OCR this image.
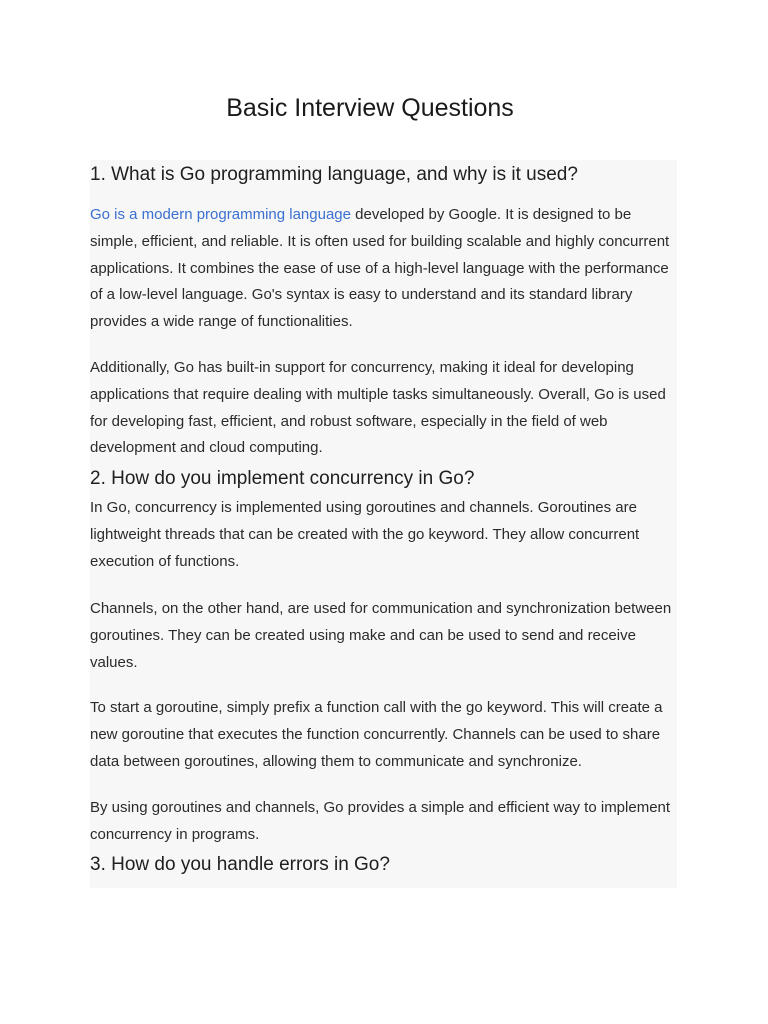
Basic Interview Questions
1. What is Go programming language, and why is it used?

Go is a modern programming language developed by Google. It is designed to be simple, efficient, and reliable. It is often used for building scalable and highly concurrent applications. It combines the ease of use of a high-level language with the performance of a low-level language. Go's syntax is easy to understand and its standard library provides a wide range of functionalities.

Additionally, Go has built-in support for concurrency, making it ideal for developing applications that require dealing with multiple tasks simultaneously. Overall, Go is used for developing fast, efficient, and robust software, especially in the field of web development and cloud computing.

2. How do you implement concurrency in Go?

In Go, concurrency is implemented using goroutines and channels. Goroutines are lightweight threads that can be created with the go keyword. They allow concurrent execution of functions.

Channels, on the other hand, are used for communication and synchronization between goroutines. They can be created using make and can be used to send and receive values.

To start a goroutine, simply prefix a function call with the go keyword. This will create a new goroutine that executes the function concurrently. Channels can be used to share data between goroutines, allowing them to communicate and synchronize.

By using goroutines and channels, Go provides a simple and efficient way to implement concurrency in programs.

3. How do you handle errors in Go?
